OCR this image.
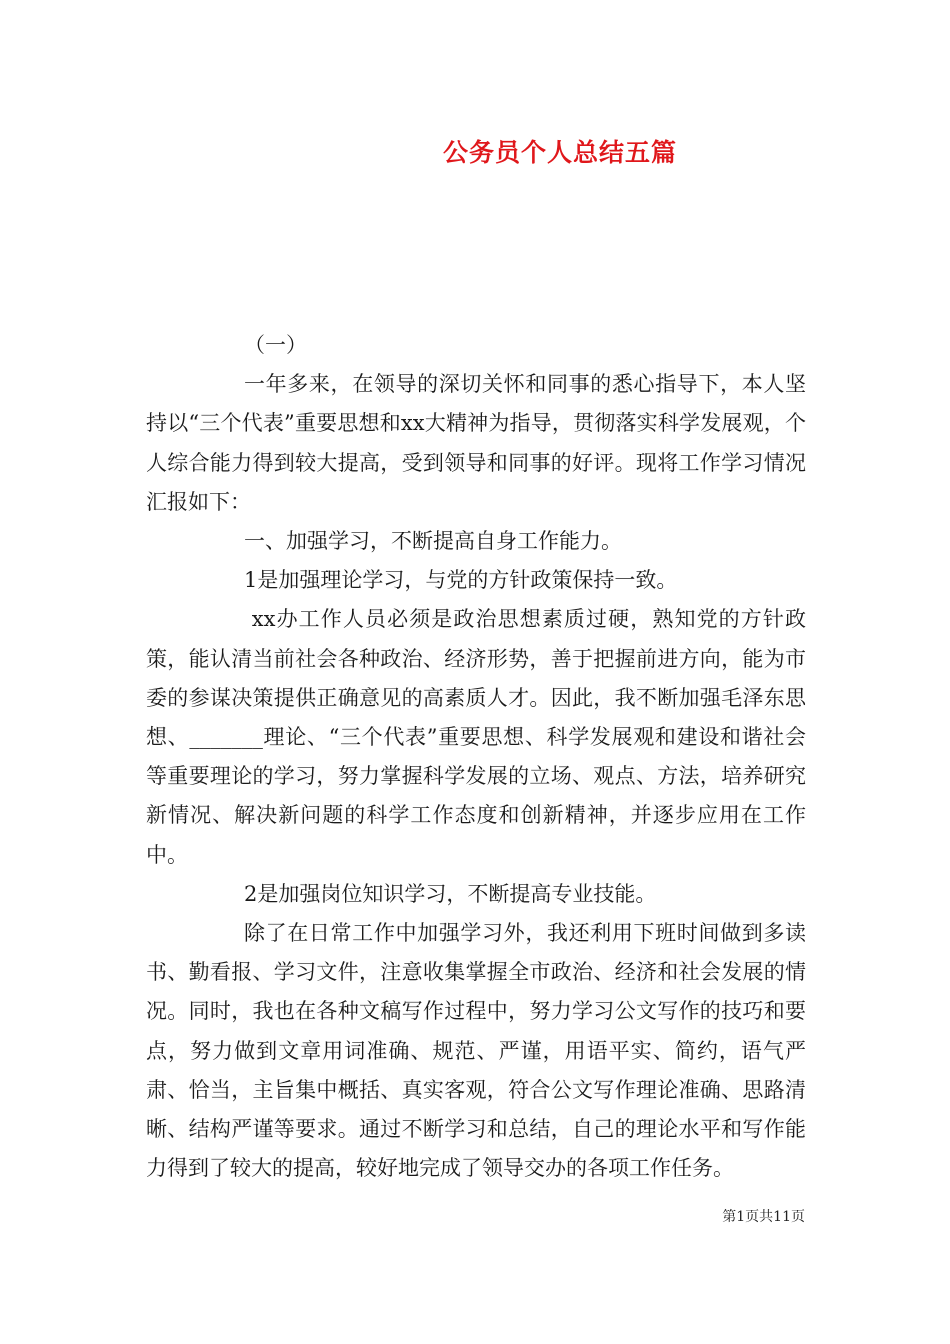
公务员个人总结五篇

（一）

一年多来，在领导的深切关怀和同事的悉心指导下，本人坚持以“三个代表”重要思想和xx大精神为指导，贯彻落实科学发展观，个人综合能力得到较大提高，受到领导和同事的好评。现将工作学习情况汇报如下：

一、加强学习，不断提高自身工作能力。

1是加强理论学习，与党的方针政策保持一致。

xx办工作人员必须是政治思想素质过硬，熟知党的方针政策，能认清当前社会各种政治、经济形势，善于把握前进方向，能为市委的参谋决策提供正确意见的高素质人才。因此，我不断加强毛泽东思想、_______理论、“三个代表”重要思想、科学发展观和建设和谐社会等重要理论的学习，努力掌握科学发展的立场、观点、方法，培养研究新情况、解决新问题的科学工作态度和创新精神，并逐步应用在工作中。

2是加强岗位知识学习，不断提高专业技能。

除了在日常工作中加强学习外，我还利用下班时间做到多读书、勤看报、学习文件，注意收集掌握全市政治、经济和社会发展的情况。同时，我也在各种文稿写作过程中，努力学习公文写作的技巧和要点，努力做到文章用词准确、规范、严谨，用语平实、简约，语气严肃、恰当，主旨集中概括、真实客观，符合公文写作理论准确、思路清晰、结构严谨等要求。通过不断学习和总结，自己的理论水平和写作能力得到了较大的提高，较好地完成了领导交办的各项工作任务。

第1页共11页
